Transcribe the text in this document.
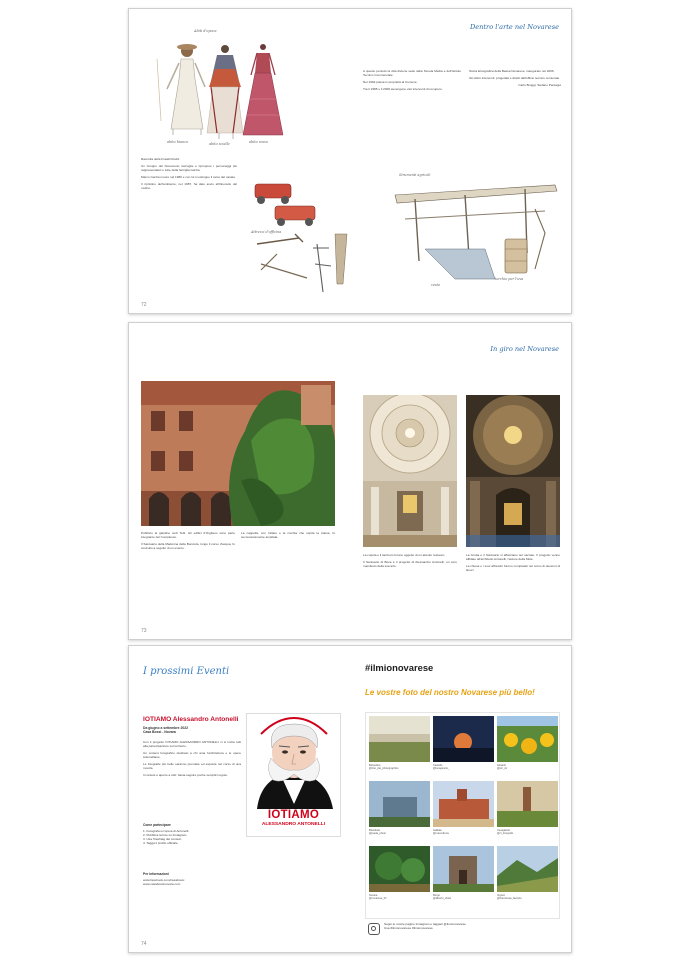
Dentro l'arte nel Novarese
Abiti d'epoca
abito bianco	abito scialle	abito rosso

Raccolta della Fratelli Rodiz.

Un Gruppo del Novecento raccoglie e ripropone i personaggi più rappresentativi e tutte della famiglia Garzia.

Marco Garzia muore nel 1980 e con lui si estingue il ramo del casato.

Il ripristino dell'ambiente, nel 1987, ha dato avvio all'itinerario del mulino.

Attrezzi d'officina

A questo periodo la villa diviene sede della Scuola Media e dell'Istituto Tecnico Commerciale.

Nel 1962 passa in proprietà al Comune.

Tra il 1985 e il 2000 avvengono vari interventi di recupero.

Storia Etnografica della Bassa Novarese, inaugurato nel 2006.

Gli ultimi interventi, progettati e diretti dall'ufficio tecnico comunale.

Carlo Broggi, Stefano Parsagui

Strumenti agricoli
cesto
torchio per l'uva
72
In giro nel Novarese

Pubblico al giardino vedi Tetti. Gli edifici d'Orgliano sono parte integrante del Complesso.

Il Santuario della Madonna della Bocciola, lungo il corso d'acqua, fu costruito a seguito di un evento.

La cappella, con l'altare e la nicchia che ospita la statua, fu successivamente ampliata.

La cupola e il tamburo furono oggetto di un attento restauro.

Il Santuario di Boca è il progetto di Alessandro Antonelli, un vero manifesto della sua arte.

La Grotta e il Santuario si affacciano sul sacrato. Il progetto venne affidato all'architetto Antonelli, l'autore della Mole.

La chiesa e i suoi affreschi furono completati nel corso di decenni di lavori.

73
I prossimi Eventi
IOTIAMO Alessandro Antonelli
Da giugno a settembre 2022
Casa Bossi - Novara

Con il progetto IOTIAMO ALESSANDRO ANTONELLI ci si invita tutti alla partecipazione sul territorio.

Un contest fotografico dedicato a chi ama l'architettura e le opere antonelliane.

Le fotografie più belle saranno premiate ed esposte nel corso di una mostra.

Il contest è aperto a tutti: basta seguire poche semplici regole.

Come partecipare
1. Fotografa un'opera di Antonelli.
2. Pubblica la foto su Instagram.
3. Usa l'hashtag del contest.
4. Tagga il profilo ufficiale.
Per informazioni
www.facebook.com/casabossi
www.casabossinovara.com
IOTIAMO
ALESSANDRO ANTONELLI
#ilmionovarese
Le vostre foto del nostro Novarese più bello!
Belvedere
@foto_dai_photographics
Castello
@lucagiustoi_
Girasoli
@pic_dv
Biandrate
@paola_photo
Galliate
@marcofrena
Cavaglietto
@ci_fotografo
Novara
@novarese_07
Borgo
@alberto_sfotsi
Vigneti
@franciscaa_favretto
Segui le nostre pagine Instagram e taggaci @ilmionovarese
Usa #ilmionovarese #ilmionovarese
74
